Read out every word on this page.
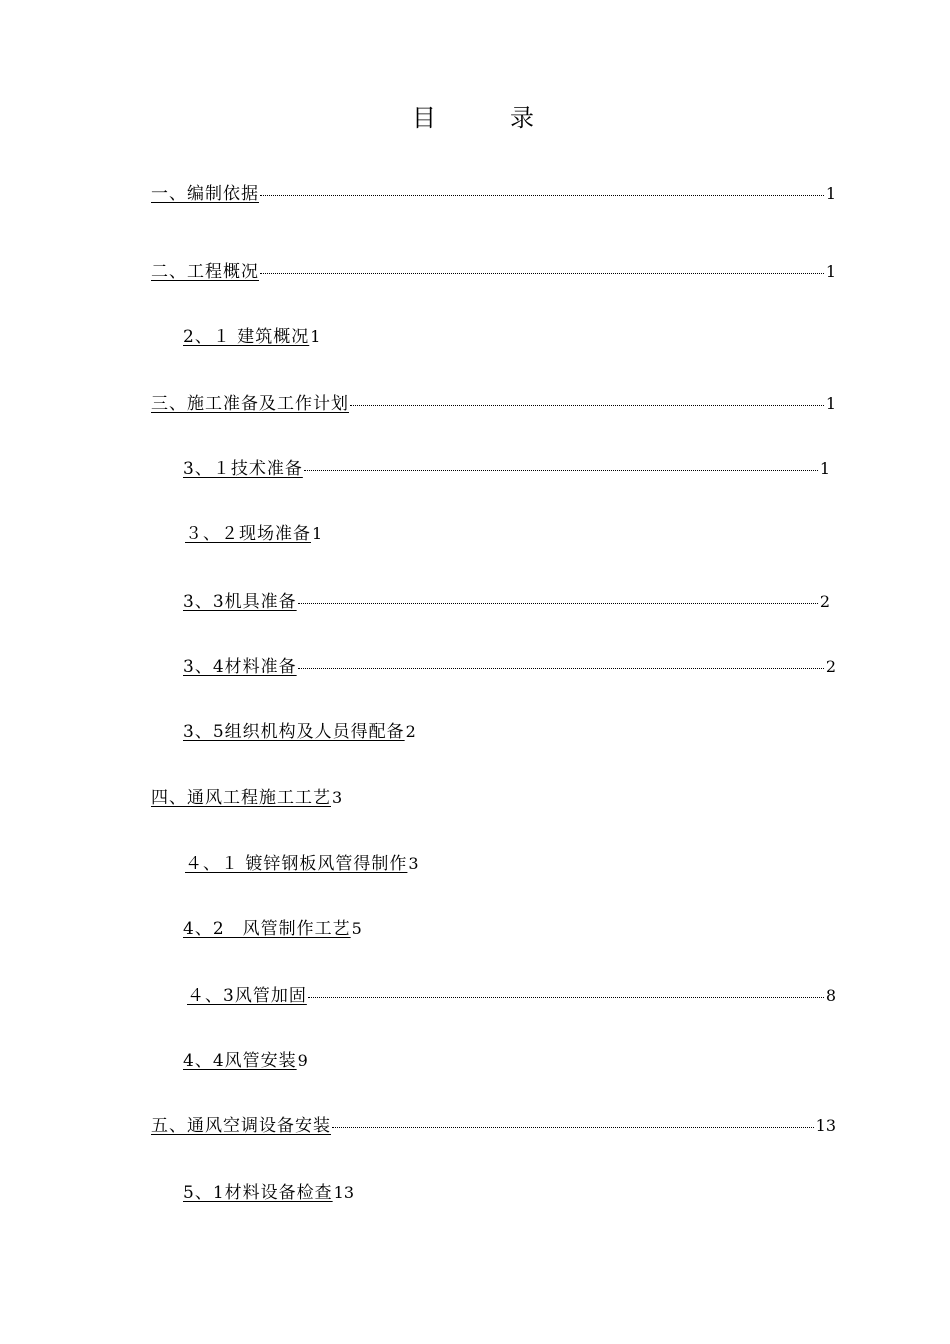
目	录
一、编制依据	1
二、工程概况	1
2、１ 建筑概况 1
三、施工准备及工作计划	1
3、１技术准备	1
３、２现场准备 1
3、3机具准备	2
3、4材料准备	2
3、5组织机构及人员得配备 2
四、通风工程施工工艺 3
４、１ 镀锌钢板风管得制作 3
4、2　风管制作工艺 5
４、3风管加固	8
4、4风管安装 9
五、通风空调设备安装	13
5、1材料设备检查 13
